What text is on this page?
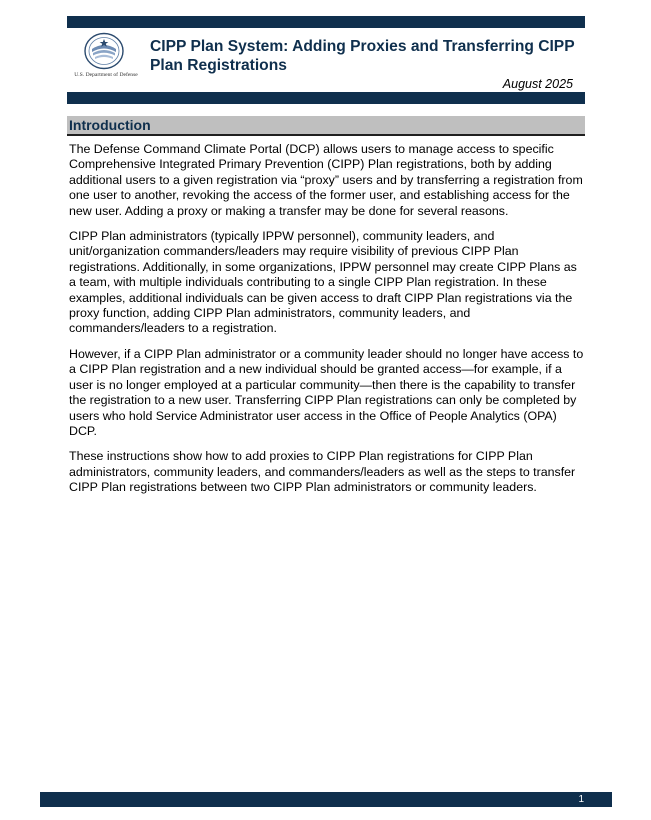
U.S. Department of Defense
CIPP Plan System: Adding Proxies and Transferring CIPP Plan Registrations
August 2025
Introduction

The Defense Command Climate Portal (DCP) allows users to manage access to specific Comprehensive Integrated Primary Prevention (CIPP) Plan registrations, both by adding additional users to a given registration via “proxy” users and by transferring a registration from one user to another, revoking the access of the former user, and establishing access for the new user. Adding a proxy or making a transfer may be done for several reasons.

CIPP Plan administrators (typically IPPW personnel), community leaders, and unit/organization commanders/leaders may require visibility of previous CIPP Plan registrations. Additionally, in some organizations, IPPW personnel may create CIPP Plans as a team, with multiple individuals contributing to a single CIPP Plan registration. In these examples, additional individuals can be given access to draft CIPP Plan registrations via the proxy function, adding CIPP Plan administrators, community leaders, and commanders/leaders to a registration.

However, if a CIPP Plan administrator or a community leader should no longer have access to a CIPP Plan registration and a new individual should be granted access—for example, if a user is no longer employed at a particular community—then there is the capability to transfer the registration to a new user. Transferring CIPP Plan registrations can only be completed by users who hold Service Administrator user access in the Office of People Analytics (OPA) DCP.

These instructions show how to add proxies to CIPP Plan registrations for CIPP Plan administrators, community leaders, and commanders/leaders as well as the steps to transfer CIPP Plan registrations between two CIPP Plan administrators or community leaders.

1
